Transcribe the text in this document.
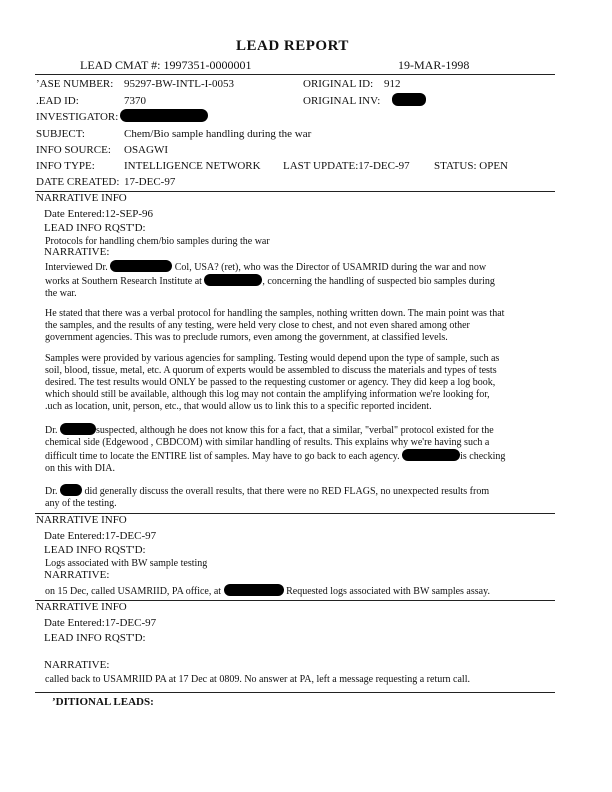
LEAD REPORT
LEAD CMAT #: 1997351-0000001	19-MAR-1998
’ASE NUMBER: 95297-BW-INTL-I-0053	ORIGINAL ID: 912
.EAD ID:	7370	ORIGINAL INV:
INVESTIGATOR:
SUBJECT:	Chem/Bio sample handling during the war
INFO SOURCE: OSAGWI
INFO TYPE:	INTELLIGENCE NETWORK LAST UPDATE:17-DEC-97 STATUS: OPEN
DATE CREATED: 17-DEC-97
NARRATIVE INFO
Date Entered:12-SEP-96
LEAD INFO RQST'D:
Protocols for handling chem/bio samples during the war
NARRATIVE:
Interviewed Dr.	Col, USA? (ret), who was the Director of USAMRID during the war and now
works at Southern Research Institute at	, concerning the handling of suspected bio samples during
the war.
He stated that there was a verbal protocol for handling the samples, nothing written down. The main point was that
the samples, and the results of any testing, were held very close to chest, and not even shared among other
government agencies. This was to preclude rumors, even among the government, at classified levels.
Samples were provided by various agencies for sampling. Testing would depend upon the type of sample, such as
soil, blood, tissue, metal, etc. A quorum of experts would be assembled to discuss the materials and types of tests
desired. The test results would ONLY be passed to the requesting customer or agency. They did keep a log book,
which should still be available, although this log may not contain the amplifying information we're looking for,
.uch as location, unit, person, etc., that would allow us to link this to a specific reported incident.
Dr.	suspected, although he does not know this for a fact, that a similar, "verbal" protocol existed for the
chemical side (Edgewood , CBDCOM) with similar handling of results. This explains why we're having such a
difficult time to locate the ENTIRE list of samples. May have to go back to each agency.	is checking
on this with DIA.
Dr.	did generally discuss the overall results, that there were no RED FLAGS, no unexpected results from
any of the testing.
NARRATIVE INFO
Date Entered:17-DEC-97
LEAD INFO RQST'D:
Logs associated with BW sample testing
NARRATIVE:
on 15 Dec, called USAMRIID, PA office, at	Requested logs associated with BW samples assay.
NARRATIVE INFO
Date Entered:17-DEC-97
LEAD INFO RQST'D:
NARRATIVE:
called back to USAMRIID PA at 17 Dec at 0809. No answer at PA, left a message requesting a return call.
’DITIONAL LEADS:
